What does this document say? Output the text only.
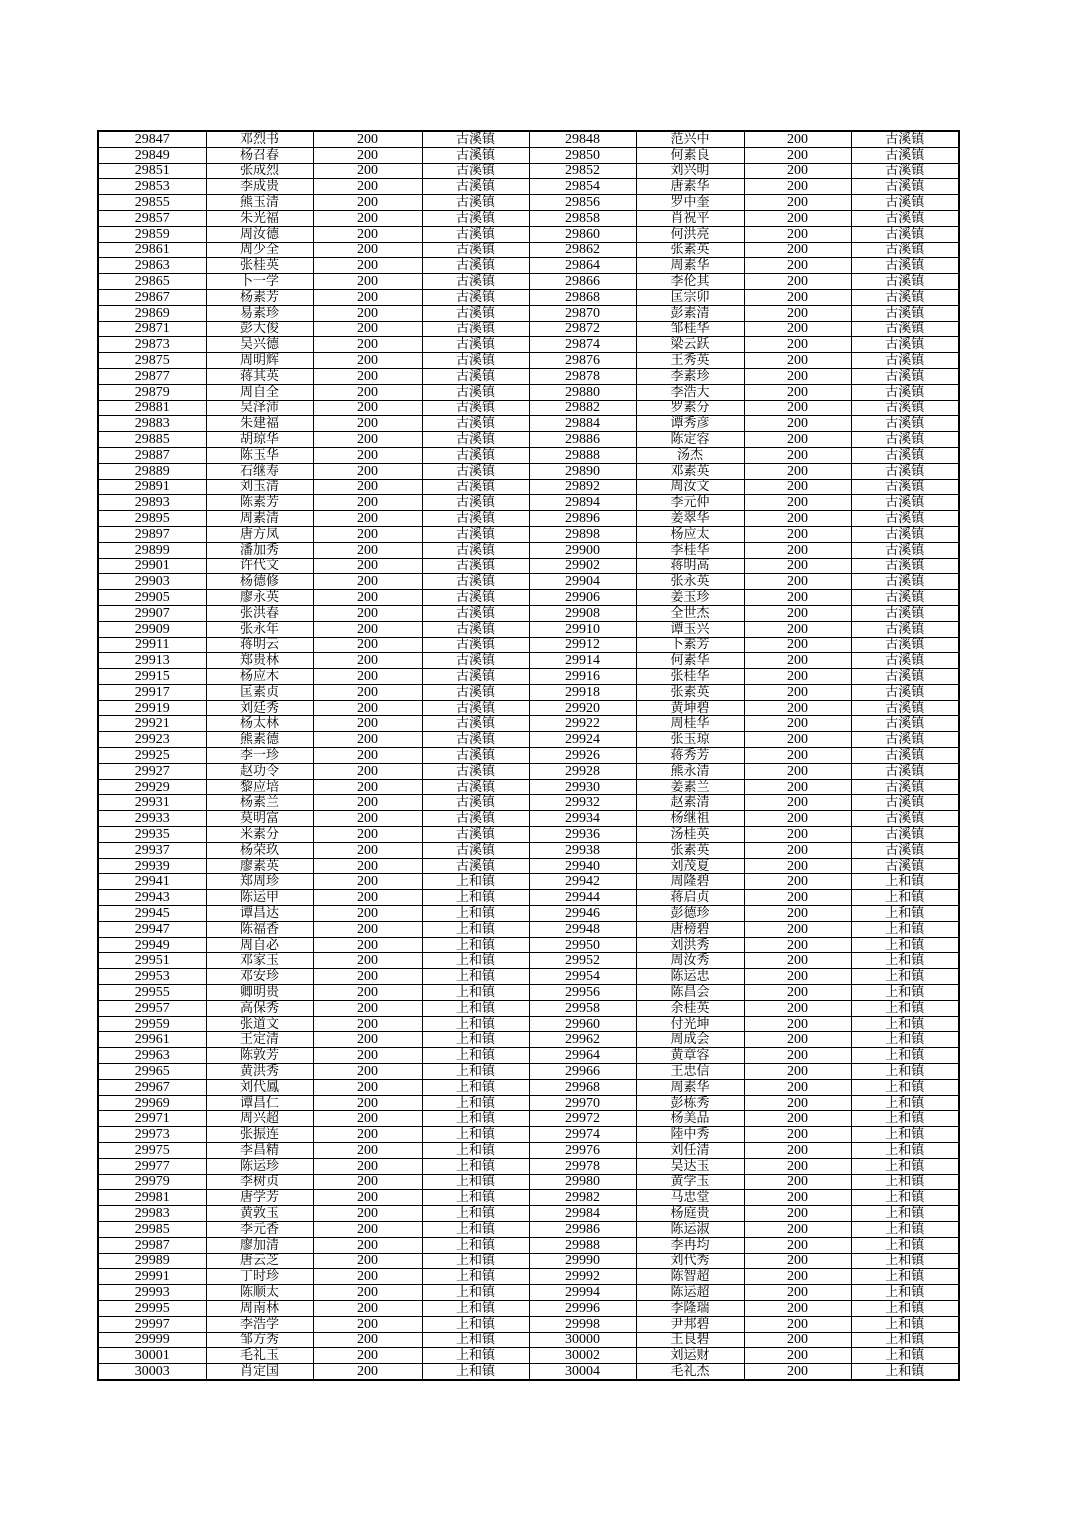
29847	邓烈书	200	古溪镇	29848	范兴中	200	古溪镇
29849	杨召春	200	古溪镇	29850	何素良	200	古溪镇
29851	张成烈	200	古溪镇	29852	刘兴明	200	古溪镇
29853	李成贵	200	古溪镇	29854	唐素华	200	古溪镇
29855	熊玉清	200	古溪镇	29856	罗中奎	200	古溪镇
29857	朱光福	200	古溪镇	29858	肖祝平	200	古溪镇
29859	周汝德	200	古溪镇	29860	何洪亮	200	古溪镇
29861	周少全	200	古溪镇	29862	张素英	200	古溪镇
29863	张桂英	200	古溪镇	29864	周素华	200	古溪镇
29865	卜一学	200	古溪镇	29866	李伦其	200	古溪镇
29867	杨素芳	200	古溪镇	29868	匡宗卯	200	古溪镇
29869	易素珍	200	古溪镇	29870	彭素清	200	古溪镇
29871	彭大俊	200	古溪镇	29872	邹桂华	200	古溪镇
29873	吴兴德	200	古溪镇	29874	梁云跃	200	古溪镇
29875	周明辉	200	古溪镇	29876	王秀英	200	古溪镇
29877	蒋其英	200	古溪镇	29878	李素珍	200	古溪镇
29879	周自全	200	古溪镇	29880	李浩大	200	古溪镇
29881	吴泽沛	200	古溪镇	29882	罗素分	200	古溪镇
29883	朱建福	200	古溪镇	29884	谭秀彦	200	古溪镇
29885	胡琼华	200	古溪镇	29886	陈定容	200	古溪镇
29887	陈玉华	200	古溪镇	29888	汤杰	200	古溪镇
29889	石继寿	200	古溪镇	29890	邓素英	200	古溪镇
29891	刘玉清	200	古溪镇	29892	周汝文	200	古溪镇
29893	陈素芳	200	古溪镇	29894	李元仲	200	古溪镇
29895	周素清	200	古溪镇	29896	姜翠华	200	古溪镇
29897	唐方凤	200	古溪镇	29898	杨应太	200	古溪镇
29899	潘加秀	200	古溪镇	29900	李桂华	200	古溪镇
29901	许代文	200	古溪镇	29902	蒋明高	200	古溪镇
29903	杨德修	200	古溪镇	29904	张永英	200	古溪镇
29905	廖永英	200	古溪镇	29906	姜玉珍	200	古溪镇
29907	张洪春	200	古溪镇	29908	全世杰	200	古溪镇
29909	张永年	200	古溪镇	29910	谭玉兴	200	古溪镇
29911	蒋明云	200	古溪镇	29912	卜素芳	200	古溪镇
29913	郑贵林	200	古溪镇	29914	何素华	200	古溪镇
29915	杨应木	200	古溪镇	29916	张桂华	200	古溪镇
29917	匡素贞	200	古溪镇	29918	张素英	200	古溪镇
29919	刘廷秀	200	古溪镇	29920	黄坤碧	200	古溪镇
29921	杨太林	200	古溪镇	29922	周桂华	200	古溪镇
29923	熊素德	200	古溪镇	29924	张玉琼	200	古溪镇
29925	李一珍	200	古溪镇	29926	蒋秀芳	200	古溪镇
29927	赵功令	200	古溪镇	29928	熊永清	200	古溪镇
29929	黎应培	200	古溪镇	29930	姜素兰	200	古溪镇
29931	杨素兰	200	古溪镇	29932	赵素清	200	古溪镇
29933	莫明富	200	古溪镇	29934	杨继祖	200	古溪镇
29935	米素分	200	古溪镇	29936	汤桂英	200	古溪镇
29937	杨荣玖	200	古溪镇	29938	张素英	200	古溪镇
29939	廖素英	200	古溪镇	29940	刘茂夏	200	古溪镇
29941	郑周珍	200	上和镇	29942	周隆碧	200	上和镇
29943	陈运甲	200	上和镇	29944	蒋启贞	200	上和镇
29945	谭昌达	200	上和镇	29946	彭德珍	200	上和镇
29947	陈福香	200	上和镇	29948	唐榜碧	200	上和镇
29949	周自必	200	上和镇	29950	刘洪秀	200	上和镇
29951	邓家玉	200	上和镇	29952	周汝秀	200	上和镇
29953	邓安珍	200	上和镇	29954	陈运忠	200	上和镇
29955	卿明贵	200	上和镇	29956	陈昌会	200	上和镇
29957	高保秀	200	上和镇	29958	余桂英	200	上和镇
29959	张道文	200	上和镇	29960	付光坤	200	上和镇
29961	王定清	200	上和镇	29962	周成会	200	上和镇
29963	陈敦芳	200	上和镇	29964	黄章容	200	上和镇
29965	黄洪秀	200	上和镇	29966	王忠信	200	上和镇
29967	刘代鳳	200	上和镇	29968	周素华	200	上和镇
29969	谭昌仁	200	上和镇	29970	彭栋秀	200	上和镇
29971	周兴超	200	上和镇	29972	杨美品	200	上和镇
29973	张振连	200	上和镇	29974	陸中秀	200	上和镇
29975	李昌精	200	上和镇	29976	刘任清	200	上和镇
29977	陈运珍	200	上和镇	29978	吴达玉	200	上和镇
29979	李树贞	200	上和镇	29980	黄学玉	200	上和镇
29981	唐学芳	200	上和镇	29982	马忠堂	200	上和镇
29983	黄敦玉	200	上和镇	29984	杨庭贵	200	上和镇
29985	李元香	200	上和镇	29986	陈运淑	200	上和镇
29987	廖加清	200	上和镇	29988	李冉均	200	上和镇
29989	唐云芝	200	上和镇	29990	刘代秀	200	上和镇
29991	丁时珍	200	上和镇	29992	陈智超	200	上和镇
29993	陈顺太	200	上和镇	29994	陈运超	200	上和镇
29995	周南林	200	上和镇	29996	李隆瑞	200	上和镇
29997	李浩学	200	上和镇	29998	尹邦碧	200	上和镇
29999	邹方秀	200	上和镇	30000	王良碧	200	上和镇
30001	毛礼玉	200	上和镇	30002	刘运财	200	上和镇
30003	肖定国	200	上和镇	30004	毛礼杰	200	上和镇
